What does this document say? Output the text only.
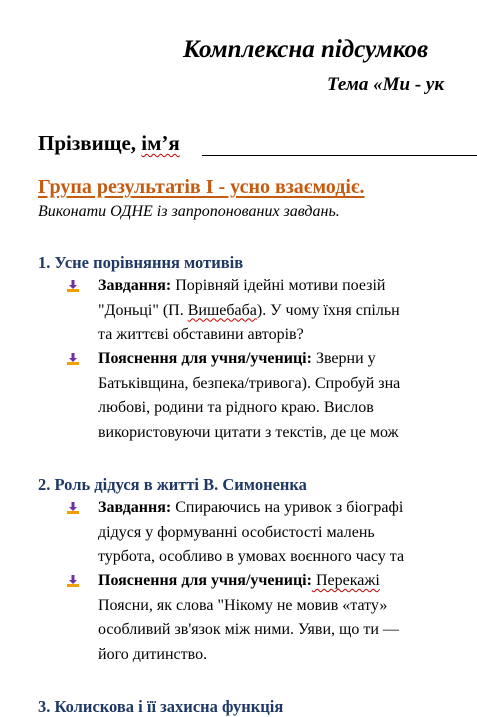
Комплексна підсумков
Тема «Ми - ук
Прізвище, ім’я
Група результатів І - усно взаємодіє.
Виконати ОДНЕ із запропонованих завдань.
1. Усне порівняння мотивів
Завдання: Порівняй ідейні мотиви поезій
"Доньці" (П. Вишебаба). У чому їхня спільн
та життєві обставини авторів?
Пояснення для учня/учениці: Зверни у
Батьківщина, безпека/тривога). Спробуй зна
любові, родини та рідного краю. Вислов
використовуючи цитати з текстів, де це мож
2. Роль дідуся в житті В. Симоненка
Завдання: Спираючись на уривок з біографі
дідуся у формуванні особистості малень
турбота, особливо в умовах воєнного часу та
Пояснення для учня/учениці: Перекажі
Поясни, як слова "Нікому не мовив «тату»
особливий зв'язок між ними. Уяви, що ти —
його дитинство.
3. Колискова і її захисна функція
